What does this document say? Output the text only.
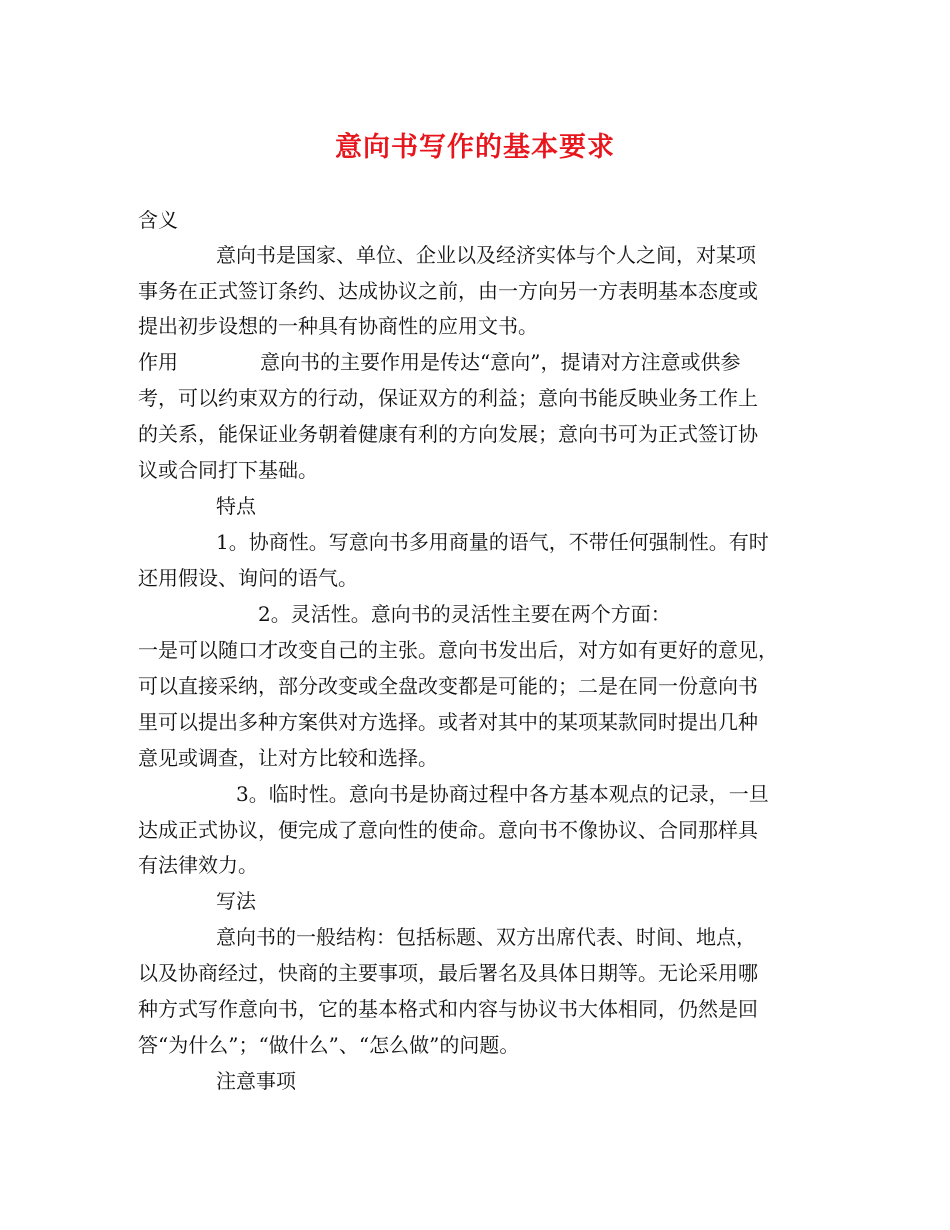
意向书写作的基本要求
含义
意向书是国家、单位、企业以及经济实体与个人之间，对某项
事务在正式签订条约、达成协议之前，由一方向另一方表明基本态度或
提出初步设想的一种具有协商性的应用文书。
作用	意向书的主要作用是传达“意向”，提请对方注意或供参
考，可以约束双方的行动，保证双方的利益；意向书能反映业务工作上
的关系，能保证业务朝着健康有利的方向发展；意向书可为正式签订协
议或合同打下基础。
特点
1。协商性。写意向书多用商量的语气，不带任何强制性。有时
还用假设、询问的语气。
2。灵活性。意向书的灵活性主要在两个方面：
一是可以随口才改变自己的主张。意向书发出后，对方如有更好的意见，
可以直接采纳，部分改变或全盘改变都是可能的；二是在同一份意向书
里可以提出多种方案供对方选择。或者对其中的某项某款同时提出几种
意见或调查，让对方比较和选择。
3。临时性。意向书是协商过程中各方基本观点的记录，一旦
达成正式协议，便完成了意向性的使命。意向书不像协议、合同那样具
有法律效力。
写法
意向书的一般结构：包括标题、双方出席代表、时间、地点，
以及协商经过，快商的主要事项，最后署名及具体日期等。无论采用哪
种方式写作意向书，它的基本格式和内容与协议书大体相同，仍然是回
答“为什么”；“做什么”、“怎么做”的问题。
注意事项
